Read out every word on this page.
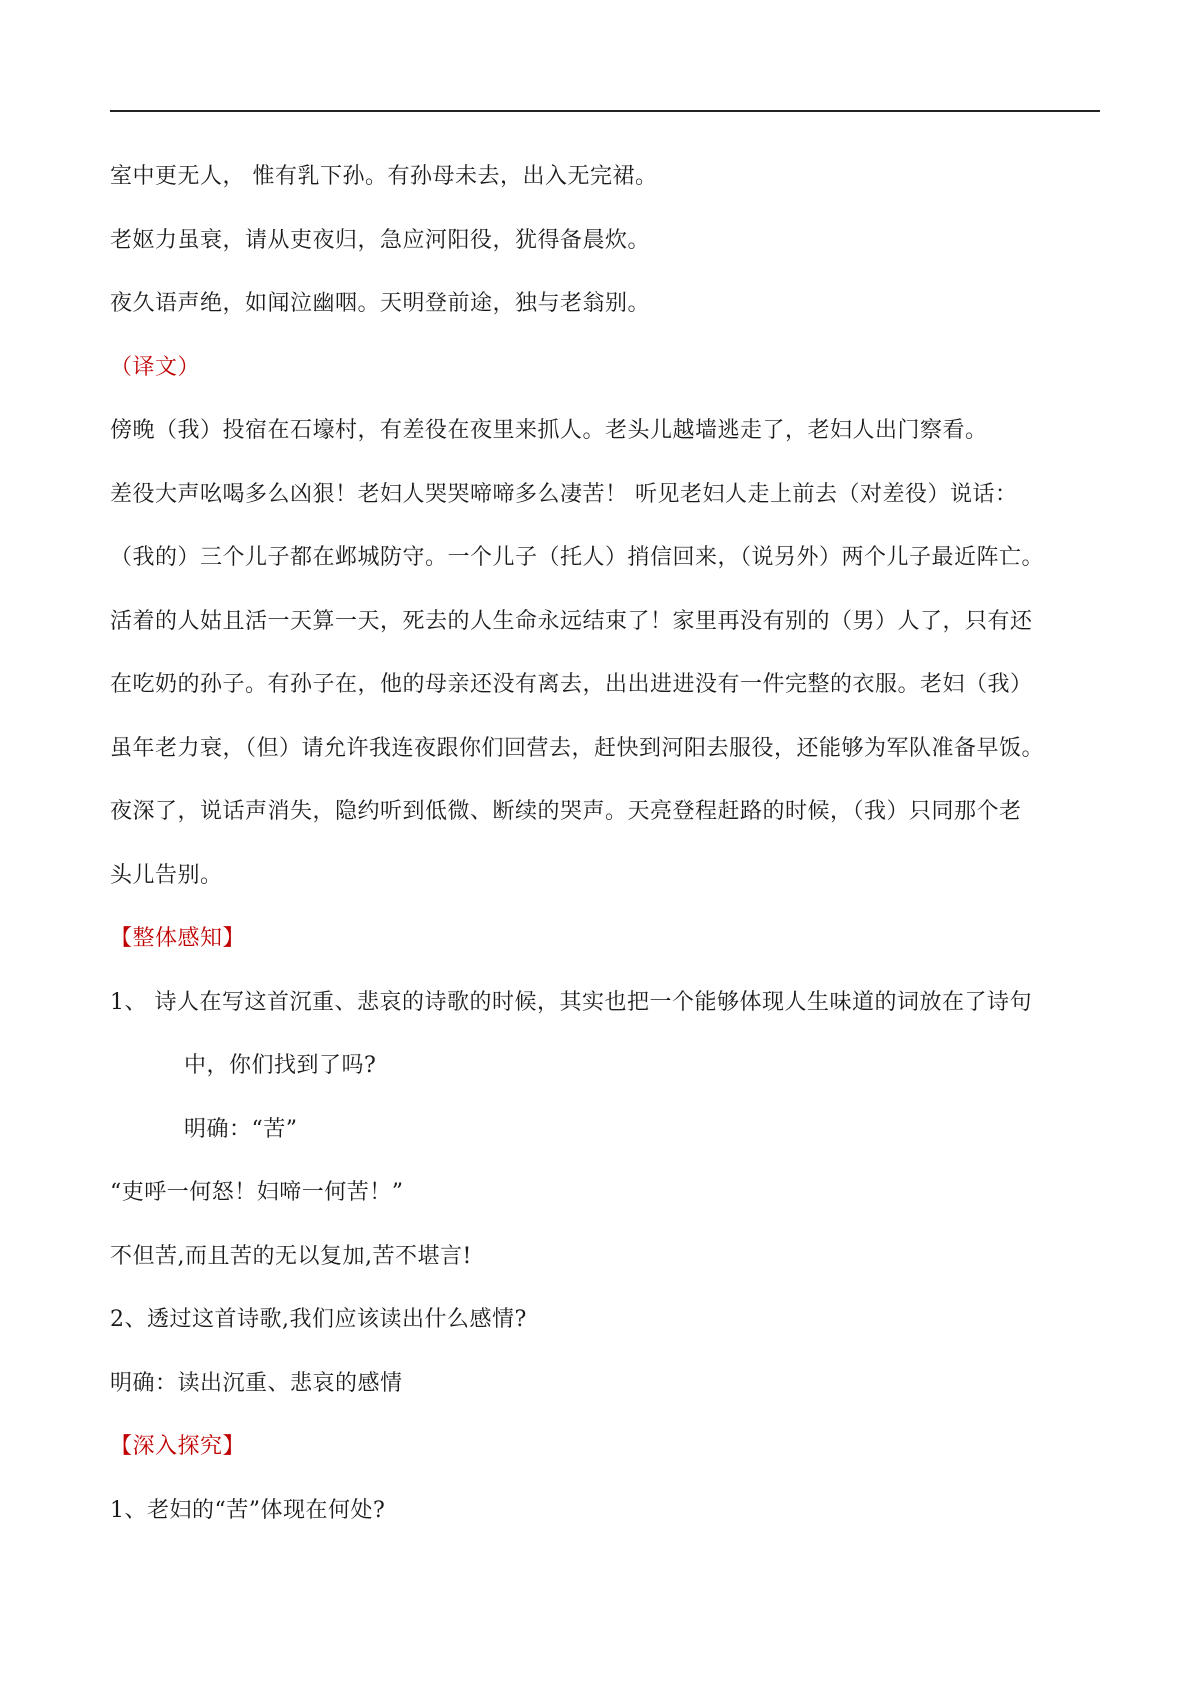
室中更无人， 惟有乳下孙。有孙母未去，出入无完裙。
老妪力虽衰，请从吏夜归，急应河阳役，犹得备晨炊。
夜久语声绝，如闻泣幽咽。天明登前途，独与老翁别。
（译文）
傍晚（我）投宿在石壕村，有差役在夜里来抓人。老头儿越墙逃走了，老妇人出门察看。
差役大声吆喝多么凶狠！老妇人哭哭啼啼多么凄苦！ 听见老妇人走上前去（对差役）说话：
（我的）三个儿子都在邺城防守。一个儿子（托人）捎信回来，（说另外）两个儿子最近阵亡。
活着的人姑且活一天算一天，死去的人生命永远结束了！家里再没有别的（男）人了，只有还
在吃奶的孙子。有孙子在，他的母亲还没有离去，出出进进没有一件完整的衣服。老妇（我）
虽年老力衰，（但）请允许我连夜跟你们回营去，赶快到河阳去服役，还能够为军队准备早饭。
夜深了，说话声消失，隐约听到低微、断续的哭声。天亮登程赶路的时候，（我）只同那个老
头儿告别。
【整体感知】
1、 诗人在写这首沉重、悲哀的诗歌的时候，其实也把一个能够体现人生味道的词放在了诗句
中，你们找到了吗?
明确：“苦”
“吏呼一何怒！妇啼一何苦！”
不但苦,而且苦的无以复加,苦不堪言!
2、透过这首诗歌,我们应该读出什么感情?
明确：读出沉重、悲哀的感情
【深入探究】
1、老妇的“苦”体现在何处?
